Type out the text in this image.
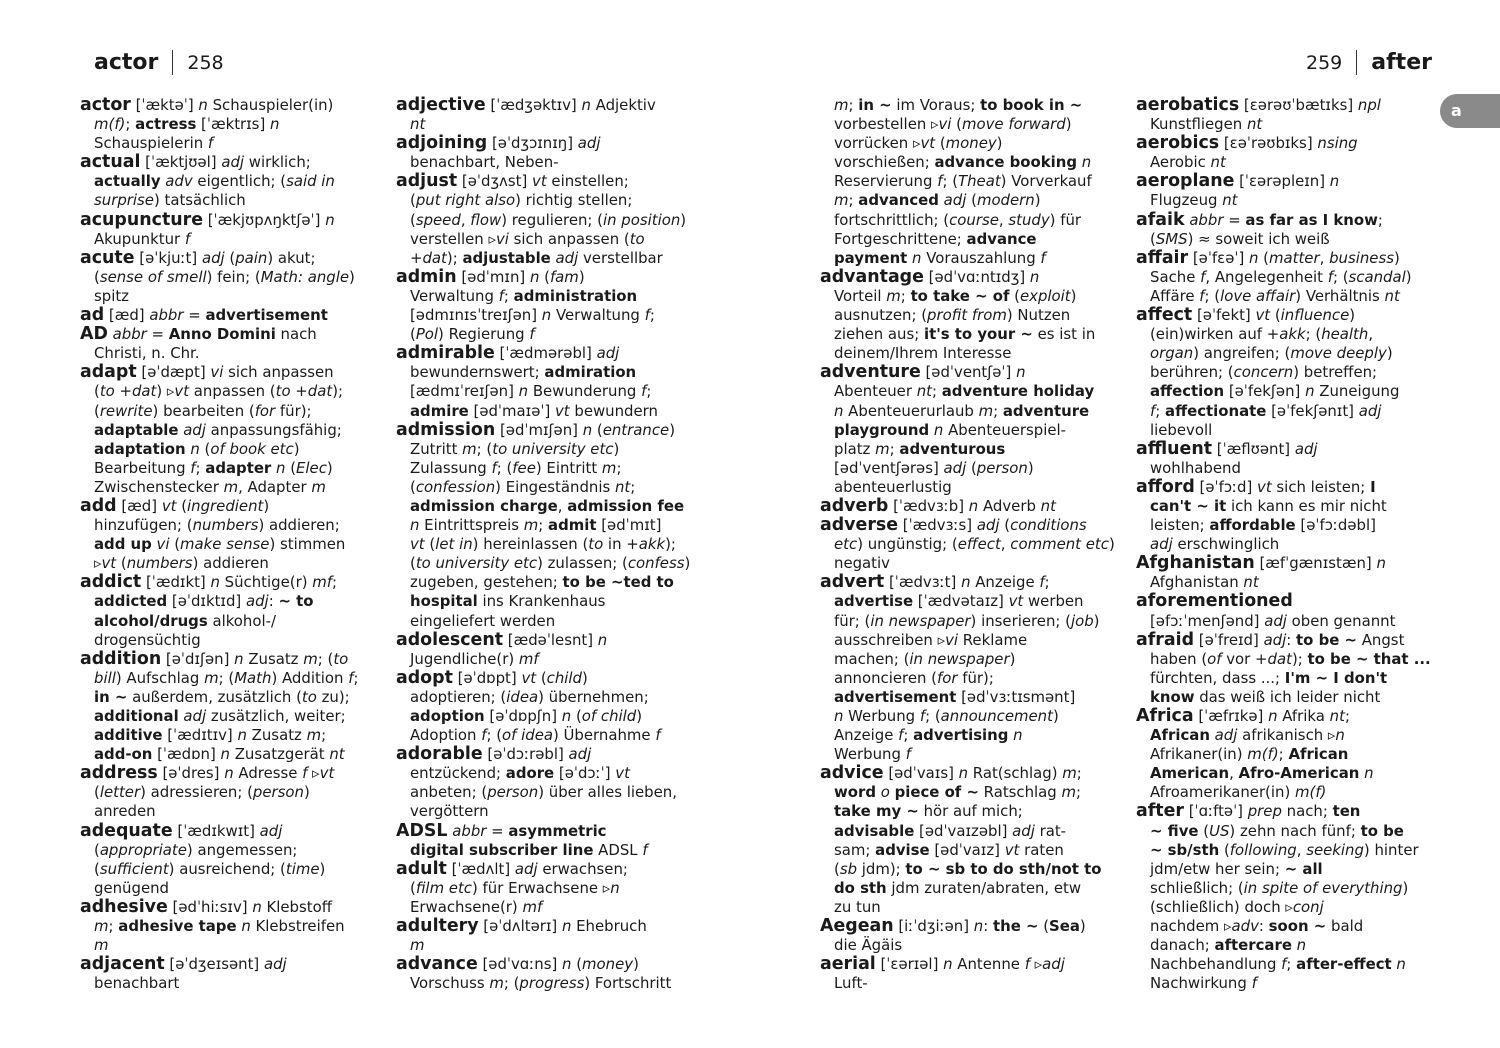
actor 258	259 after
a

actor [ˈæktəˈ] n Schauspieler(in)

m(f); actress [ˈæktrɪs] n

Schauspielerin f

actual [ˈæktjʊəl] adj wirklich;

actually adv eigentlich; (said in

surprise) tatsächlich

acupuncture [ˈækjʊpʌŋktʃəˈ] n

Akupunktur f

acute [əˈkjuːt] adj (pain) akut;

(sense of smell) fein; (Math: angle)

spitz

ad [æd] abbr = advertisement

AD abbr = Anno Domini nach

Christi, n. Chr.

adapt [əˈdæpt] vi sich anpassen

(to +dat) ▹vt anpassen (to +dat);

(rewrite) bearbeiten (for für);

adaptable adj anpassungsfähig;

adaptation n (of book etc)

Bearbeitung f; adapter n (Elec)

Zwischenstecker m, Adapter m

add [æd] vt (ingredient)

hinzufügen; (numbers) addieren;

add up vi (make sense) stimmen

▹vt (numbers) addieren

addict [ˈædɪkt] n Süchtige(r) mf;

addicted [əˈdɪktɪd] adj: ~ to

alcohol/drugs alkohol-/

drogensüchtig

addition [əˈdɪʃən] n Zusatz m; (to

bill) Aufschlag m; (Math) Addition f;

in ~ außerdem, zusätzlich (to zu);

additional adj zusätzlich, weiter;

additive [ˈædɪtɪv] n Zusatz m;

add-on [ˈædɒn] n Zusatzgerät nt

address [əˈdres] n Adresse f ▹vt

(letter) adressieren; (person)

anreden

adequate [ˈædɪkwɪt] adj

(appropriate) angemessen;

(sufficient) ausreichend; (time)

genügend

adhesive [ədˈhiːsɪv] n Klebstoff

m; adhesive tape n Klebstreifen

m

adjacent [əˈdʒeɪsənt] adj

benachbart

adjective [ˈædʒəktɪv] n Adjektiv

nt

adjoining [əˈdʒɔɪnɪŋ] adj

benachbart, Neben-

adjust [əˈdʒʌst] vt einstellen;

(put right also) richtig stellen;

(speed, flow) regulieren; (in position)

verstellen ▹vi sich anpassen (to

+dat); adjustable adj verstellbar

admin [ədˈmɪn] n (fam)

Verwaltung f; administration

[ədmɪnɪsˈtreɪʃən] n Verwaltung f;

(Pol) Regierung f

admirable [ˈædmərəbl] adj

bewundernswert; admiration

[ædmɪˈreɪʃən] n Bewunderung f;

admire [ədˈmaɪəˈ] vt bewundern

admission [ədˈmɪʃən] n (entrance)

Zutritt m; (to university etc)

Zulassung f; (fee) Eintritt m;

(confession) Eingeständnis nt;

admission charge, admission fee

n Eintrittspreis m; admit [ədˈmɪt]

vt (let in) hereinlassen (to in +akk);

(to university etc) zulassen; (confess)

zugeben, gestehen; to be ~ted to

hospital ins Krankenhaus

eingeliefert werden

adolescent [ædəˈlesnt] n

Jugendliche(r) mf

adopt [əˈdɒpt] vt (child)

adoptieren; (idea) übernehmen;

adoption [əˈdɒpʃn] n (of child)

Adoption f; (of idea) Übernahme f

adorable [əˈdɔːrəbl] adj

entzückend; adore [əˈdɔːˈ] vt

anbeten; (person) über alles lieben,

vergöttern

ADSL abbr = asymmetric

digital subscriber line ADSL f

adult [ˈædʌlt] adj erwachsen;

(film etc) für Erwachsene ▹n

Erwachsene(r) mf

adultery [əˈdʌltərɪ] n Ehebruch

m

advance [ədˈvɑːns] n (money)

Vorschuss m; (progress) Fortschritt

m; in ~ im Voraus; to book in ~

vorbestellen ▹vi (move forward)

vorrücken ▹vt (money)

vorschießen; advance booking n

Reservierung f; (Theat) Vorverkauf

m; advanced adj (modern)

fortschrittlich; (course, study) für

Fortgeschrittene; advance

payment n Vorauszahlung f

advantage [ədˈvɑːntɪdʒ] n

Vorteil m; to take ~ of (exploit)

ausnutzen; (profit from) Nutzen

ziehen aus; it's to your ~ es ist in

deinem/Ihrem Interesse

adventure [ədˈventʃəˈ] n

Abenteuer nt; adventure holiday

n Abenteuerurlaub m; adventure

playground n Abenteuerspiel-

platz m; adventurous

[ədˈventʃərəs] adj (person)

abenteuerlustig

adverb [ˈædvɜːb] n Adverb nt

adverse [ˈædvɜːs] adj (conditions

etc) ungünstig; (effect, comment etc)

negativ

advert [ˈædvɜːt] n Anzeige f;

advertise [ˈædvətaɪz] vt werben

für; (in newspaper) inserieren; (job)

ausschreiben ▹vi Reklame

machen; (in newspaper)

annoncieren (for für);

advertisement [ədˈvɜːtɪsmənt]

n Werbung f; (announcement)

Anzeige f; advertising n

Werbung f

advice [ədˈvaɪs] n Rat(schlag) m;

word o piece of ~ Ratschlag m;

take my ~ hör auf mich;

advisable [ədˈvaɪzəbl] adj rat-

sam; advise [ədˈvaɪz] vt raten

(sb jdm); to ~ sb to do sth/not to

do sth jdm zuraten/abraten, etw

zu tun

Aegean [iːˈdʒiːən] n: the ~ (Sea)

die Ägäis

aerial [ˈɛərɪəl] n Antenne f ▹adj

Luft-

aerobatics [ɛərəʊˈbætɪks] npl

Kunstfliegen nt

aerobics [ɛəˈrəʊbɪks] nsing

Aerobic nt

aeroplane [ˈɛərəpleɪn] n

Flugzeug nt

afaik abbr = as far as I know;

(SMS) ≈ soweit ich weiß

affair [əˈfɛəˈ] n (matter, business)

Sache f, Angelegenheit f; (scandal)

Affäre f; (love affair) Verhältnis nt

affect [əˈfekt] vt (influence)

(ein)wirken auf +akk; (health,

organ) angreifen; (move deeply)

berühren; (concern) betreffen;

affection [əˈfekʃən] n Zuneigung

f; affectionate [əˈfekʃənɪt] adj

liebevoll

affluent [ˈæflʊənt] adj

wohlhabend

afford [əˈfɔːd] vt sich leisten; I

can't ~ it ich kann es mir nicht

leisten; affordable [əˈfɔːdəbl]

adj erschwinglich

Afghanistan [æfˈgænɪstæn] n

Afghanistan nt

aforementioned

[əfɔːˈmenʃənd] adj oben genannt

afraid [əˈfreɪd] adj: to be ~ Angst

haben (of vor +dat); to be ~ that ...

fürchten, dass ...; I'm ~ I don't

know das weiß ich leider nicht

Africa [ˈæfrɪkə] n Afrika nt;

African adj afrikanisch ▹n

Afrikaner(in) m(f); African

American, Afro-American n

Afroamerikaner(in) m(f)

after [ˈɑːftəˈ] prep nach; ten

~ five (US) zehn nach fünf; to be

~ sb/sth (following, seeking) hinter

jdm/etw her sein; ~ all

schließlich; (in spite of everything)

(schließlich) doch ▹conj

nachdem ▹adv: soon ~ bald

danach; aftercare n

Nachbehandlung f; after-effect n

Nachwirkung f
